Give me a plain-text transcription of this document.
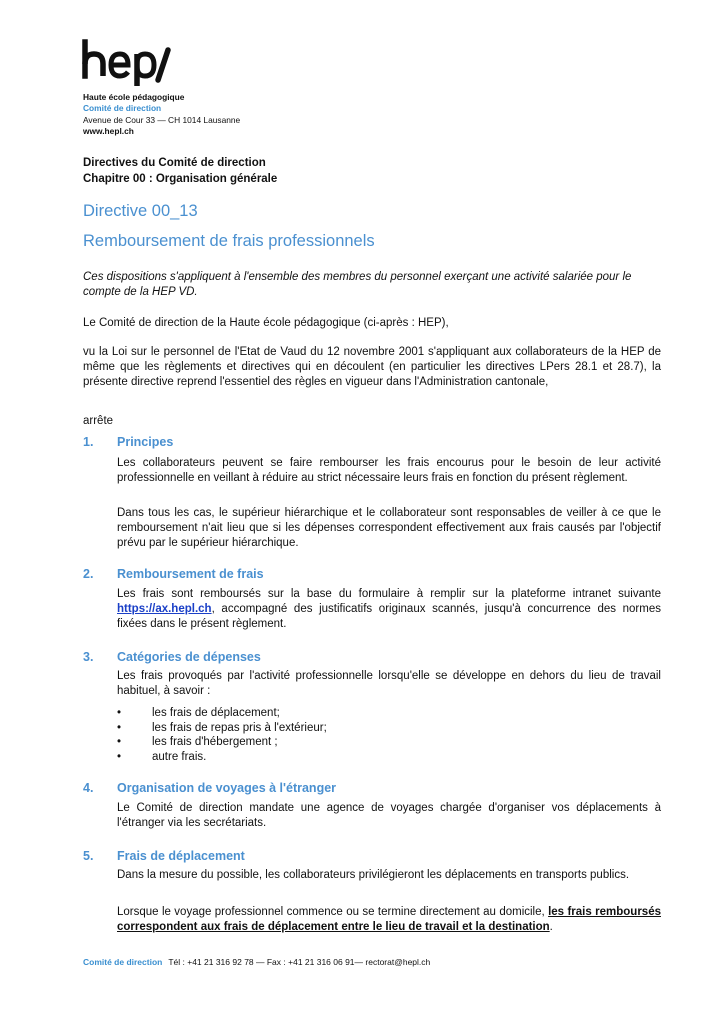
Haute école pédagogique
Comité de direction
Avenue de Cour 33 — CH 1014 Lausanne
www.hepl.ch
Directives du Comité de direction
Chapitre 00 : Organisation générale
Directive 00_13
Remboursement de frais professionnels
Ces dispositions s'appliquent à l'ensemble des membres du personnel exerçant une activité salariée pour le compte de la HEP VD.
Le Comité de direction de la Haute école pédagogique (ci-après : HEP),
vu la Loi sur le personnel de l'Etat de Vaud du 12 novembre 2001 s'appliquant aux collaborateurs de la HEP de même que les règlements et directives qui en découlent (en particulier les directives LPers 28.1 et 28.7), la présente directive reprend l'essentiel des règles en vigueur dans l'Administration cantonale,
arrête
1. Principes
Les collaborateurs peuvent se faire rembourser les frais encourus pour le besoin de leur activité professionnelle en veillant à réduire au strict nécessaire leurs frais en fonction du présent règlement.
Dans tous les cas, le supérieur hiérarchique et le collaborateur sont responsables de veiller à ce que le remboursement n'ait lieu que si les dépenses correspondent effectivement aux frais causés par l'objectif prévu par le supérieur hiérarchique.
2. Remboursement de frais
Les frais sont remboursés sur la base du formulaire à remplir sur la plateforme intranet suivante https://ax.hepl.ch, accompagné des justificatifs originaux scannés, jusqu'à concurrence des normes fixées dans le présent règlement.
3. Catégories de dépenses
Les frais provoqués par l'activité professionnelle lorsqu'elle se développe en dehors du lieu de travail habituel, à savoir :
•	les frais de déplacement;
•	les frais de repas pris à l'extérieur;
•	les frais d'hébergement ;
•	autre frais.
4. Organisation de voyages à l'étranger
Le Comité de direction mandate une agence de voyages chargée d'organiser vos déplacements à l'étranger via les secrétariats.
5. Frais de déplacement
Dans la mesure du possible, les collaborateurs privilégieront les déplacements en transports publics.
Lorsque le voyage professionnel commence ou se termine directement au domicile, les frais remboursés correspondent aux frais de déplacement entre le lieu de travail et la destination.
Comité de direction Tél : +41 21 316 92 78 — Fax : +41 21 316 06 91— rectorat@hepl.ch
